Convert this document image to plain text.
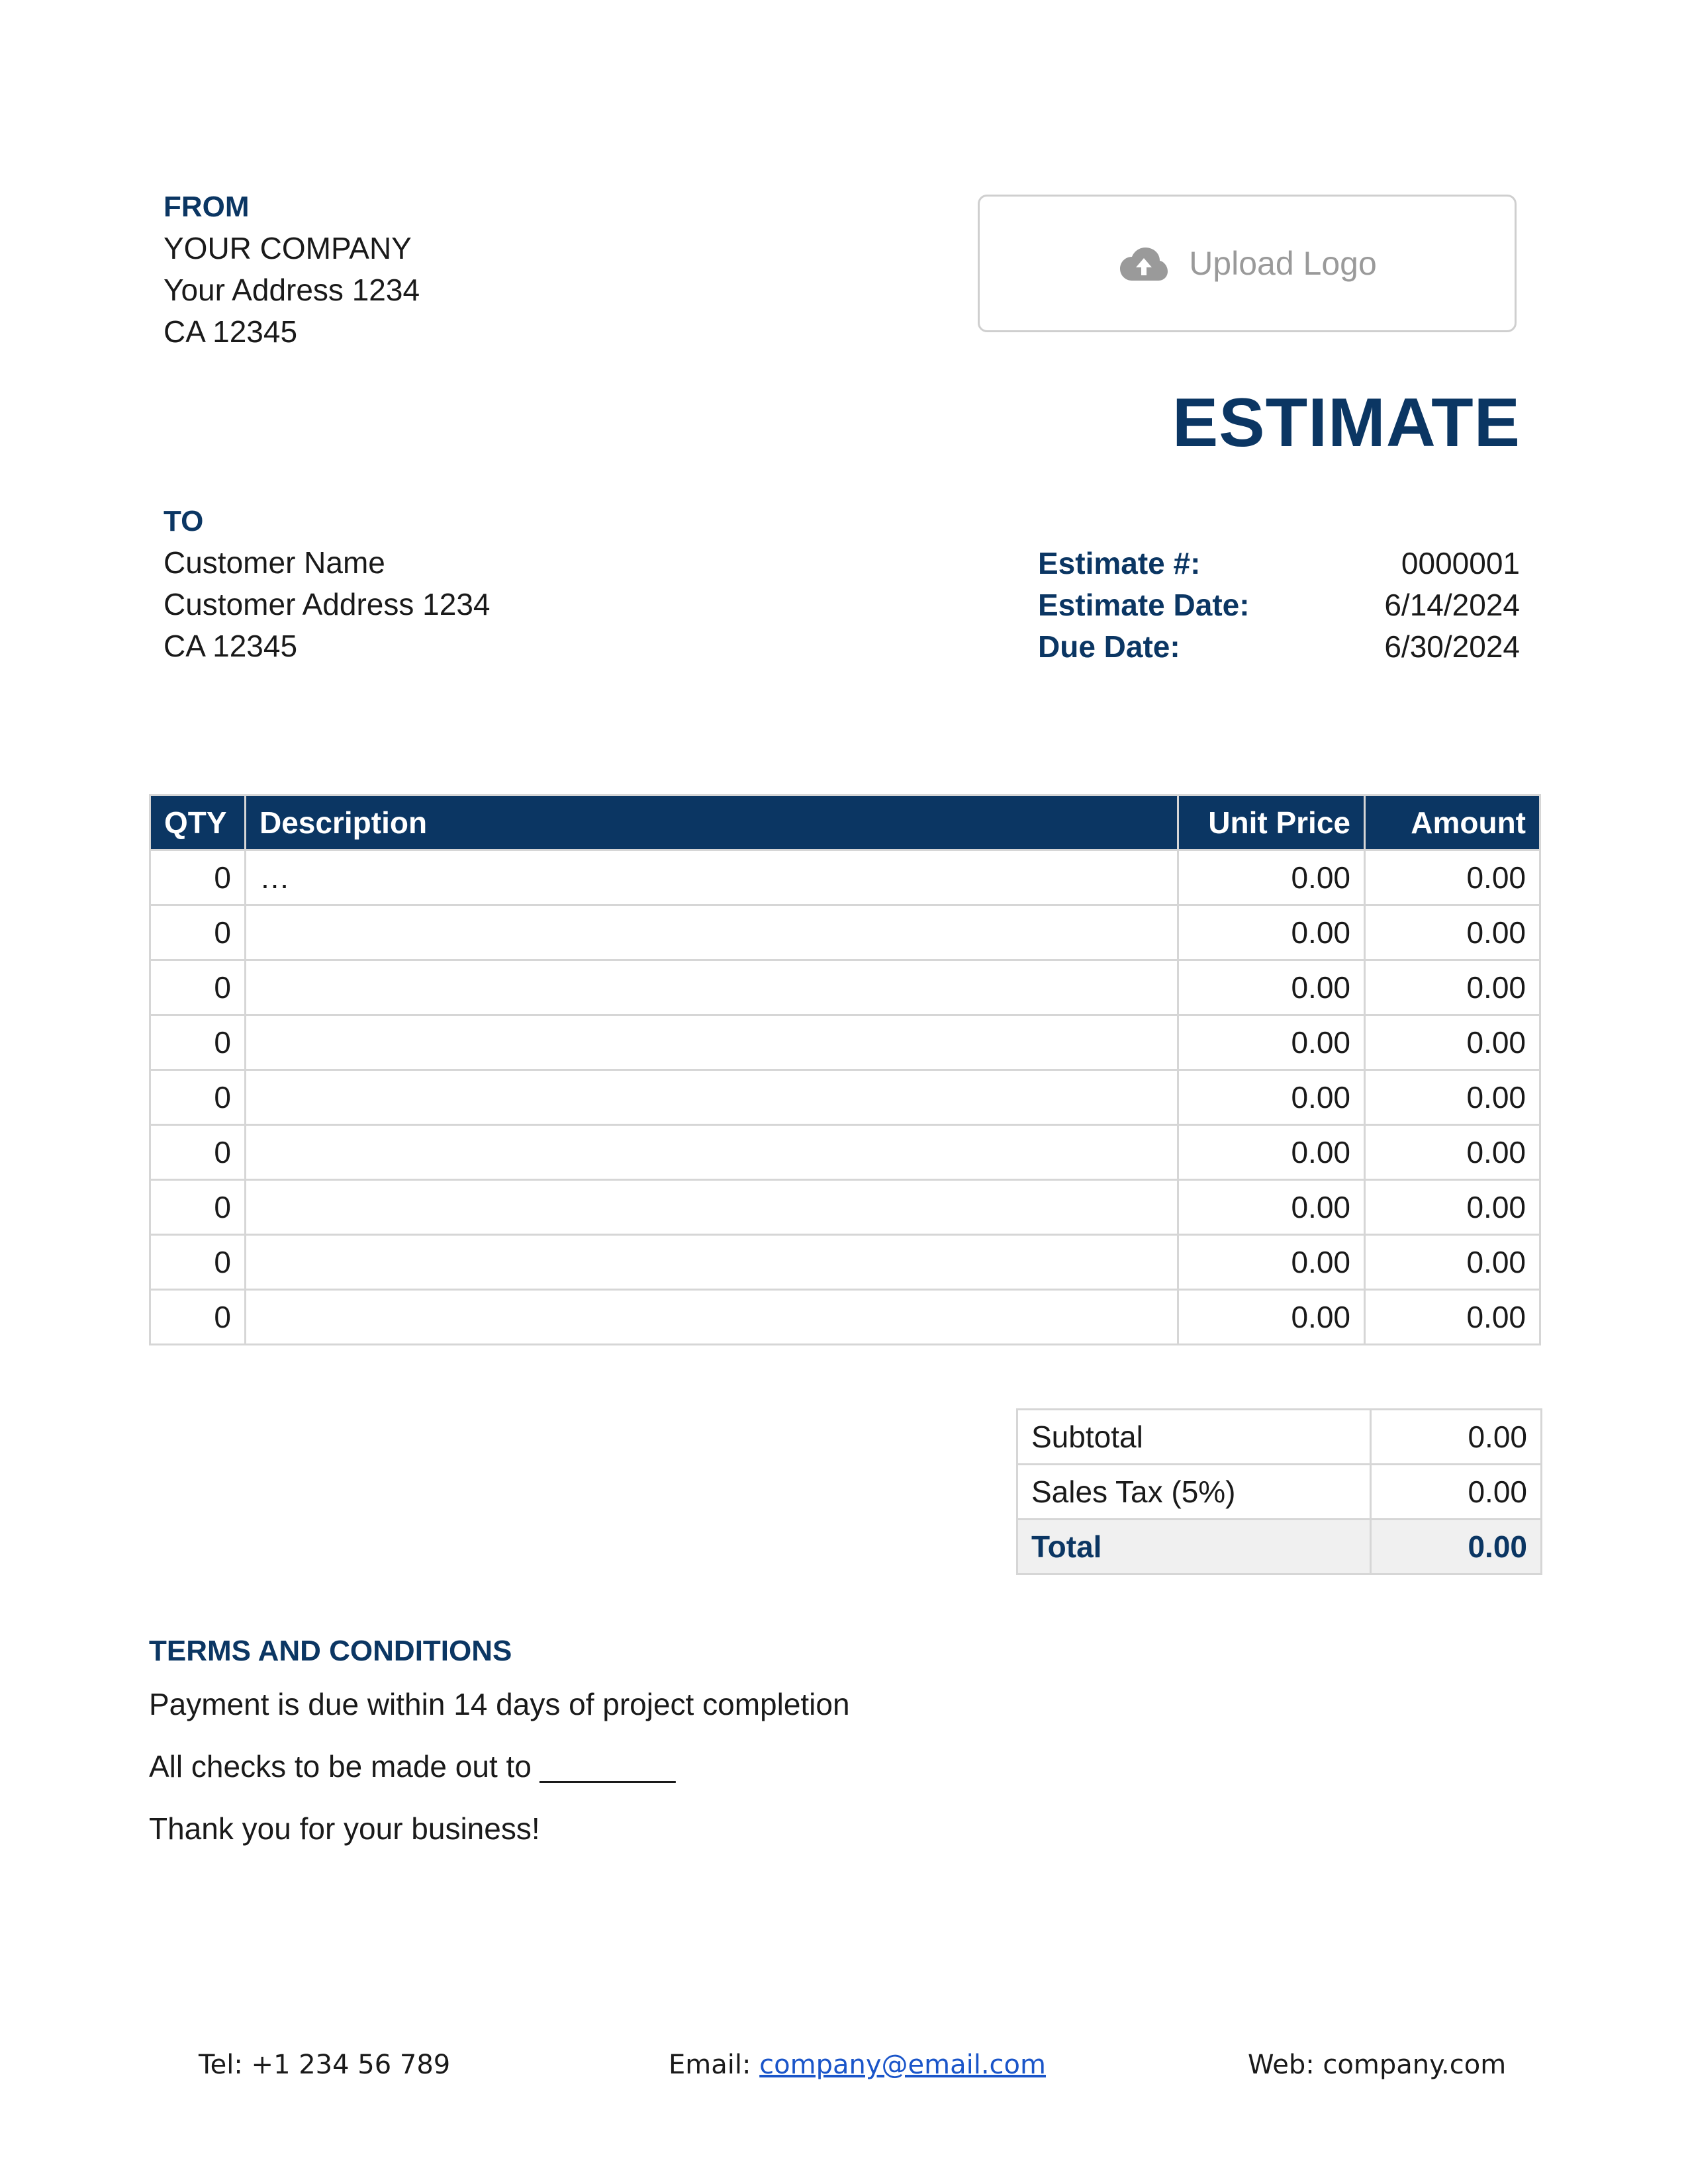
FROM
YOUR COMPANY
Your Address 1234
CA 12345
Upload Logo
ESTIMATE
TO
Customer Name
Customer Address 1234
CA 12345
Estimate #:	0000001
Estimate Date:	6/14/2024
Due Date:	6/30/2024
QTY	Description	Unit Price	Amount
0	…	0.00	0.00
0		0.00	0.00
0		0.00	0.00
0		0.00	0.00
0		0.00	0.00
0		0.00	0.00
0		0.00	0.00
0		0.00	0.00
0		0.00	0.00
Subtotal	0.00
Sales Tax (5%)	0.00
Total	0.00
TERMS AND CONDITIONS
Payment is due within 14 days of project completion
All checks to be made out to ________
Thank you for your business!
Tel: +1 234 56 789	Email: company@email.com	Web: company.com
